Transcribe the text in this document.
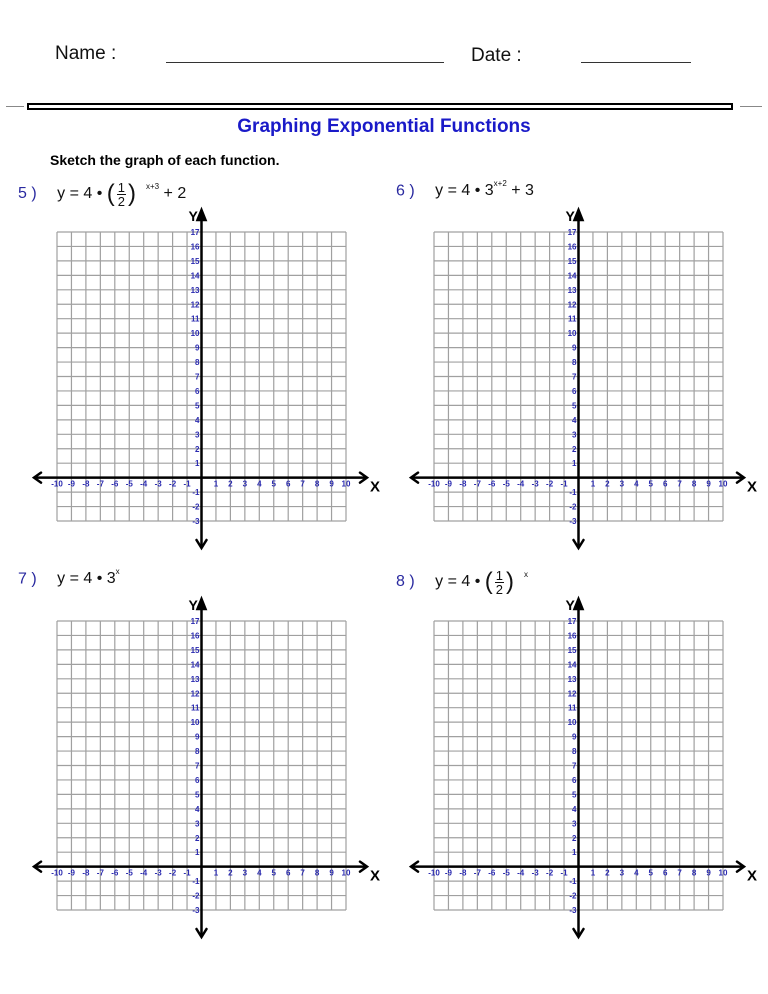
Name :	Date :
Graphing Exponential Functions
Sketch the graph of each function.
5 ) y = 4 • ( $\frac{1}{2}$ ) $^{x+3}$ + 2	6 ) y = 4 • $3^{x+2} + 3$
7 ) y = 4 • 3$^x$
8 ) y = 4 • ( $\frac{1}{2}$ ) $^x$
X
Y
-10 -9 -8 -7 -6 -5 -4 -3 -2 -1	1 2 3 4 5 6 7 8 9 10
-3
-2
-1
1
2
3
4
5
6
7
8
9
10
11
12
13
14
15
16
17
X
Y
-10 -9 -8 -7 -6 -5 -4 -3 -2 -1	1 2 3 4 5 6 7 8 9 10
-3
-2
-1
1
2
3
4
5
6
7
8
9
10
11
12
13
14
15
16
17
X
Y
-10 -9 -8 -7 -6 -5 -4 -3 -2 -1	1 2 3 4 5 6 7 8 9 10
-3
-2
-1
1
2
3
4
5
6
7
8
9
10
11
12
13
14
15
16
17
X
Y
-10 -9 -8 -7 -6 -5 -4 -3 -2 -1	1 2 3 4 5 6 7 8 9 10
-3
-2
-1
1
2
3
4
5
6
7
8
9
10
11
12
13
14
15
16
17
